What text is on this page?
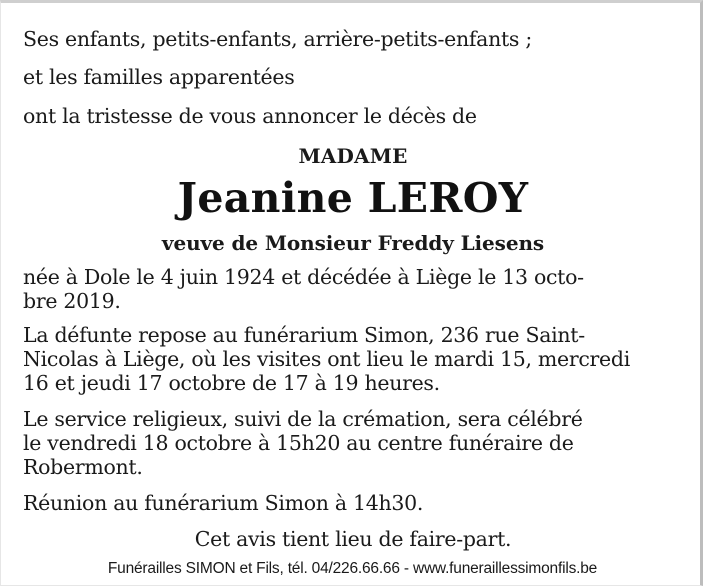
Ses enfants, petits-enfants, arrière-petits-enfants ;
et les familles apparentées
ont la tristesse de vous annoncer le décès de
MADAME
Jeanine LEROY
veuve de Monsieur Freddy Liesens
née à Dole le 4 juin 1924 et décédée à Liège le 13 octo-
bre 2019.
La défunte repose au funérarium Simon, 236 rue Saint-
Nicolas à Liège, où les visites ont lieu le mardi 15, mercredi
16 et jeudi 17 octobre de 17 à 19 heures.
Le service religieux, suivi de la crémation, sera célébré
le vendredi 18 octobre à 15h20 au centre funéraire de
Robermont.
Réunion au funérarium Simon à 14h30.
Cet avis tient lieu de faire-part.
Funérailles SIMON et Fils, tél. 04/226.66.66 - www.funeraillessimonfils.be
